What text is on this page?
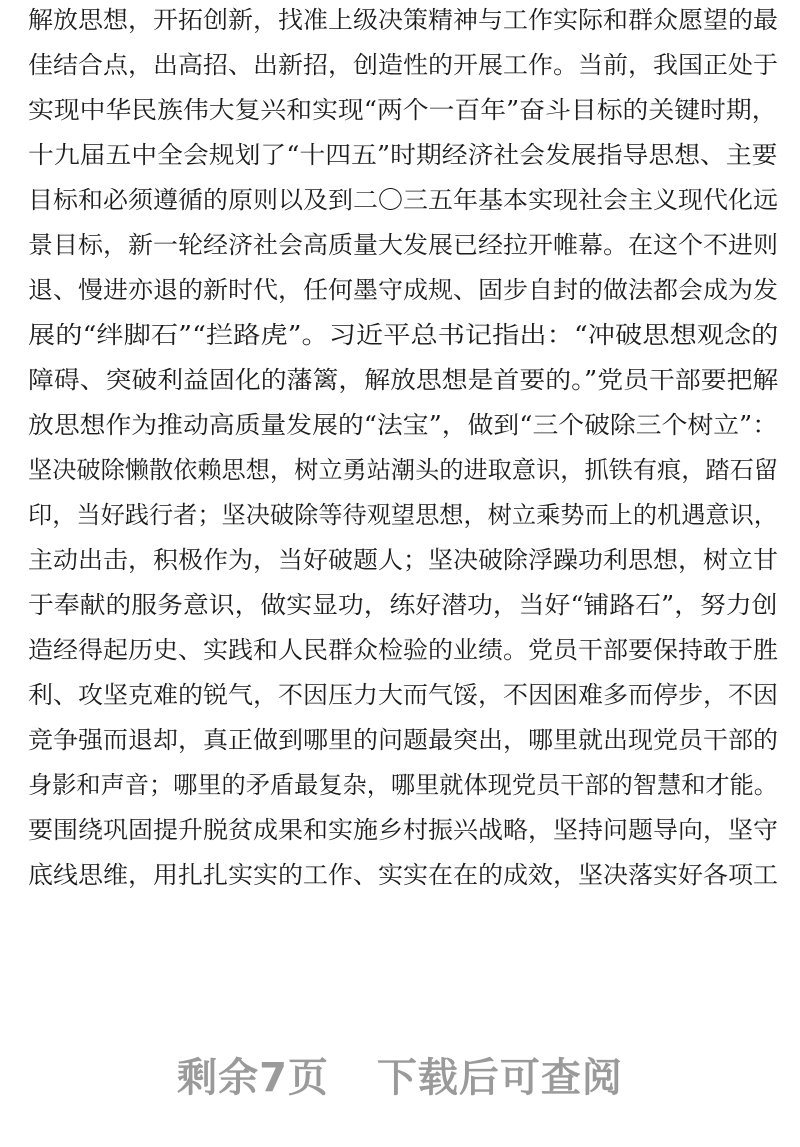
解放思想，开拓创新，找准上级决策精神与工作实际和群众愿望的最
佳结合点，出高招、出新招，创造性的开展工作。当前，我国正处于
实现中华民族伟大复兴和实现“两个一百年”奋斗目标的关键时期，
十九届五中全会规划了“十四五”时期经济社会发展指导思想、主要
目标和必须遵循的原则以及到二〇三五年基本实现社会主义现代化远
景目标，新一轮经济社会高质量大发展已经拉开帷幕。在这个不进则
退、慢进亦退的新时代，任何墨守成规、固步自封的做法都会成为发
展的“绊脚石”“拦路虎”。习近平总书记指出：“冲破思想观念的
障碍、突破利益固化的藩篱，解放思想是首要的。”党员干部要把解
放思想作为推动高质量发展的“法宝”，做到“三个破除三个树立”：
坚决破除懒散依赖思想，树立勇站潮头的进取意识，抓铁有痕，踏石留
印，当好践行者；坚决破除等待观望思想，树立乘势而上的机遇意识，
主动出击，积极作为，当好破题人；坚决破除浮躁功利思想，树立甘
于奉献的服务意识，做实显功，练好潜功，当好“铺路石”，努力创
造经得起历史、实践和人民群众检验的业绩。党员干部要保持敢于胜
利、攻坚克难的锐气，不因压力大而气馁，不因困难多而停步，不因
竞争强而退却，真正做到哪里的问题最突出，哪里就出现党员干部的
身影和声音；哪里的矛盾最复杂，哪里就体现党员干部的智慧和才能。
要围绕巩固提升脱贫成果和实施乡村振兴战略，坚持问题导向，坚守
底线思维，用扎扎实实的工作、实实在在的成效，坚决落实好各项工
剩余7页 下载后可查阅
